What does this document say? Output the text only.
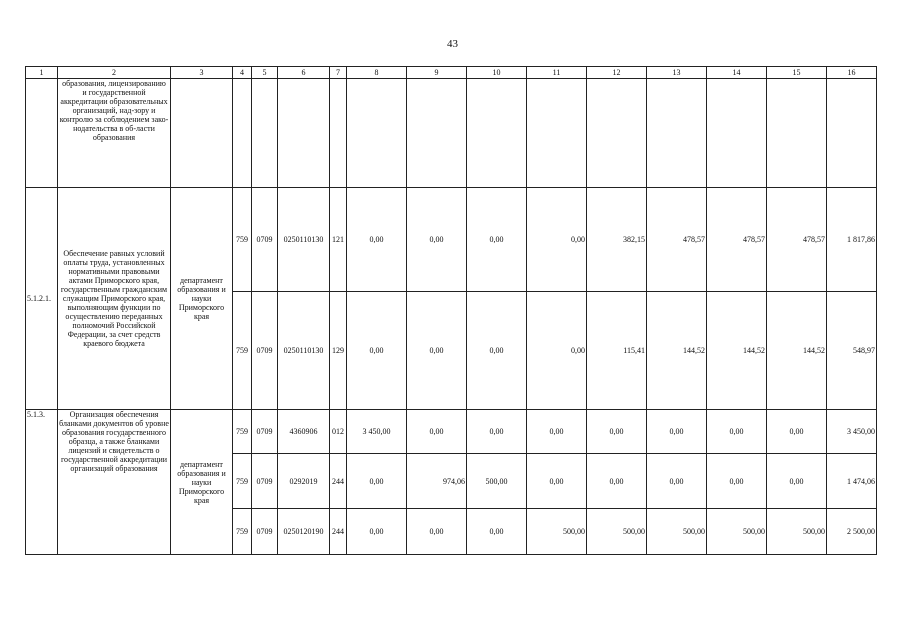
43
1	2	3	4	5	6	7	8	9	10	11	12	13	14	15	16
	образования, лицензированию и государственной аккредитации образовательных организаций, над-зору и контролю за соблюдением зако-нодательства в об-ласти образования														
5.1.2.1.	Обеспечение равных условий оплаты труда, установленных нормативными правовыми актами Приморского края, государственным гражданским служащим Приморского края, выполняющим функции по осуществлению переданных полномочий Российской Федерации, за счет средств краевого бюджета	департамент образования и науки Приморского края	759	0709	0250110130	121	0,00	0,00	0,00	0,00	382,15	478,57	478,57	478,57	1 817,86
			759	0709	0250110130	129	0,00	0,00	0,00	0,00	115,41	144,52	144,52	144,52	548,97
5.1.3.	Организация обеспечения бланками документов об уровне образования государственного образца, а также бланками лицензий и свидетельств о государственной аккредитации организаций образования	департамент образования и науки Приморского края	759	0709	4360906	012	3 450,00	0,00	0,00	0,00	0,00	0,00	0,00	0,00	3 450,00
			759	0709	0292019	244	0,00	974,06	500,00	0,00	0,00	0,00	0,00	0,00	1 474,06
			759	0709	0250120190	244	0,00	0,00	0,00	500,00	500,00	500,00	500,00	500,00	2 500,00
